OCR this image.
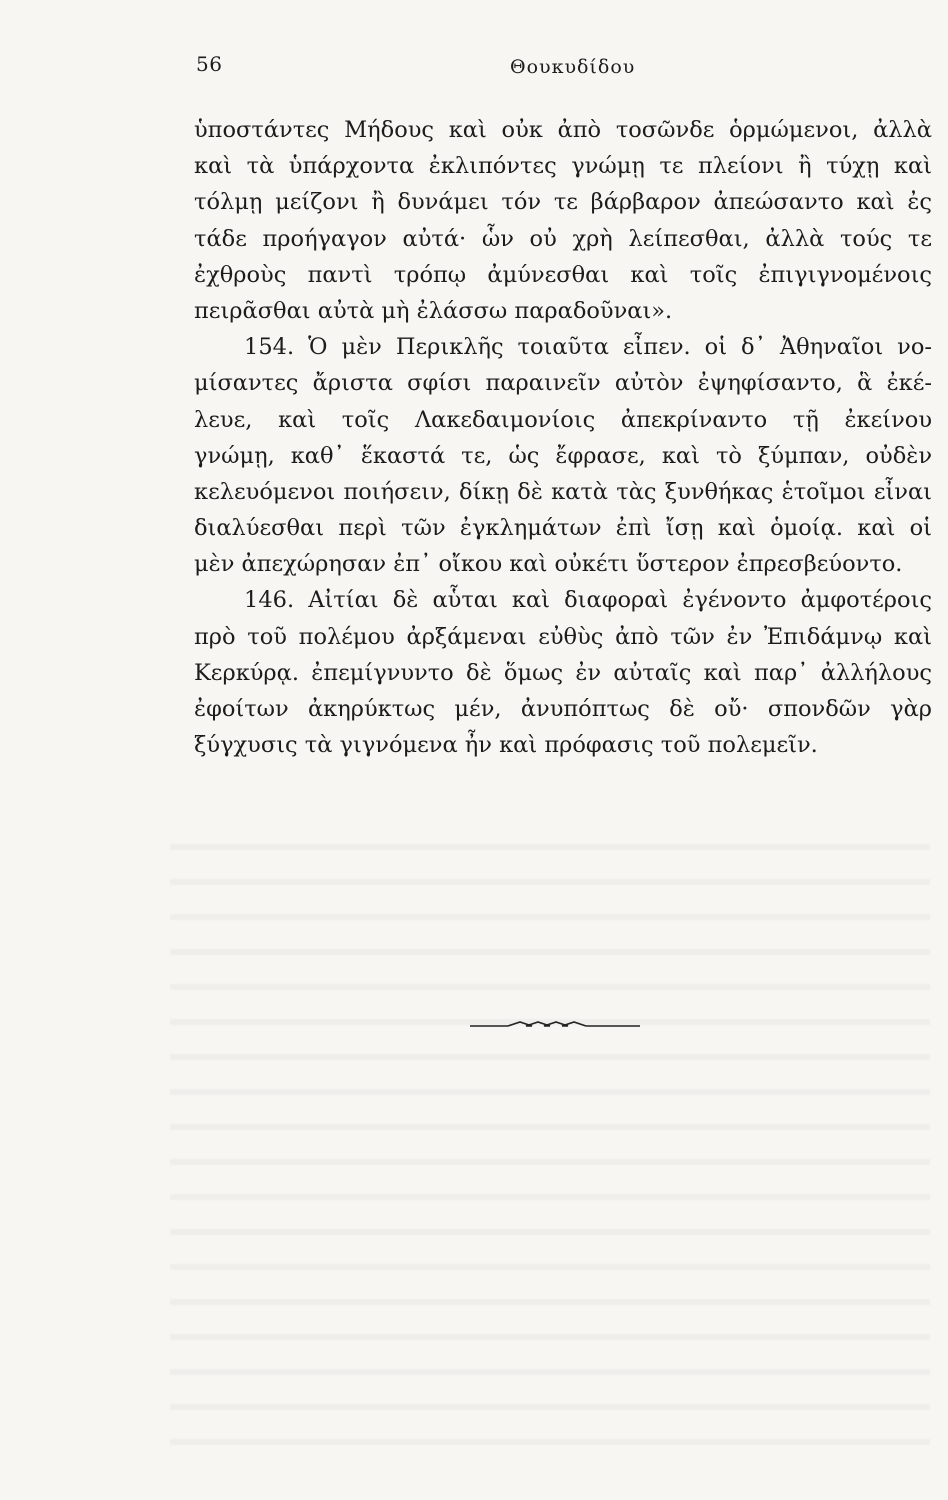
56	Θουκυδίδου
ὑποστάντες Μήδους καὶ οὐκ ἀπὸ τοσῶνδε ὁρμώμενοι, ἀλλὰ
καὶ τὰ ὑπάρχοντα ἐκλιπόντες γνώμῃ τε πλείονι ἢ τύχῃ καὶ
τόλμῃ μείζονι ἢ δυνάμει τόν τε βάρβαρον ἀπεώσαντο καὶ ἐς
τάδε προήγαγον αὐτά· ὧν οὐ χρὴ λείπεσθαι, ἀλλὰ τούς τε
ἐχθροὺς παντὶ τρόπῳ ἀμύνεσθαι καὶ τοῖς ἐπιγιγνομένοις
πειρᾶσθαι αὐτὰ μὴ ἐλάσσω παραδοῦναι».
154. Ὁ μὲν Περικλῆς τοιαῦτα εἶπεν. οἱ δ᾽ Ἀθηναῖοι νο-
μίσαντες ἄριστα σφίσι παραινεῖν αὐτὸν ἐψηφίσαντο, ἃ ἐκέ-
λευε, καὶ τοῖς Λακεδαιμονίοις ἀπεκρίναντο τῇ ἐκείνου
γνώμῃ, καθ᾽ ἕκαστά τε, ὡς ἔφρασε, καὶ τὸ ξύμπαν, οὐδὲν
κελευόμενοι ποιήσειν, δίκῃ δὲ κατὰ τὰς ξυνθήκας ἑτοῖμοι εἶναι
διαλύεσθαι περὶ τῶν ἐγκλημάτων ἐπὶ ἴσῃ καὶ ὁμοίᾳ. καὶ οἱ
μὲν ἀπεχώρησαν ἐπ᾽ οἴκου καὶ οὐκέτι ὕστερον ἐπρεσβεύοντο.
146. Αἰτίαι δὲ αὗται καὶ διαφοραὶ ἐγένοντο ἀμφοτέροις
πρὸ τοῦ πολέμου ἀρξάμεναι εὐθὺς ἀπὸ τῶν ἐν Ἐπιδάμνῳ καὶ
Κερκύρᾳ. ἐπεμίγνυντο δὲ ὅμως ἐν αὐταῖς καὶ παρ᾽ ἀλλήλους
ἐφοίτων ἀκηρύκτως μέν, ἀνυπόπτως δὲ οὔ· σπονδῶν γὰρ
ξύγχυσις τὰ γιγνόμενα ἦν καὶ πρόφασις τοῦ πολεμεῖν.
